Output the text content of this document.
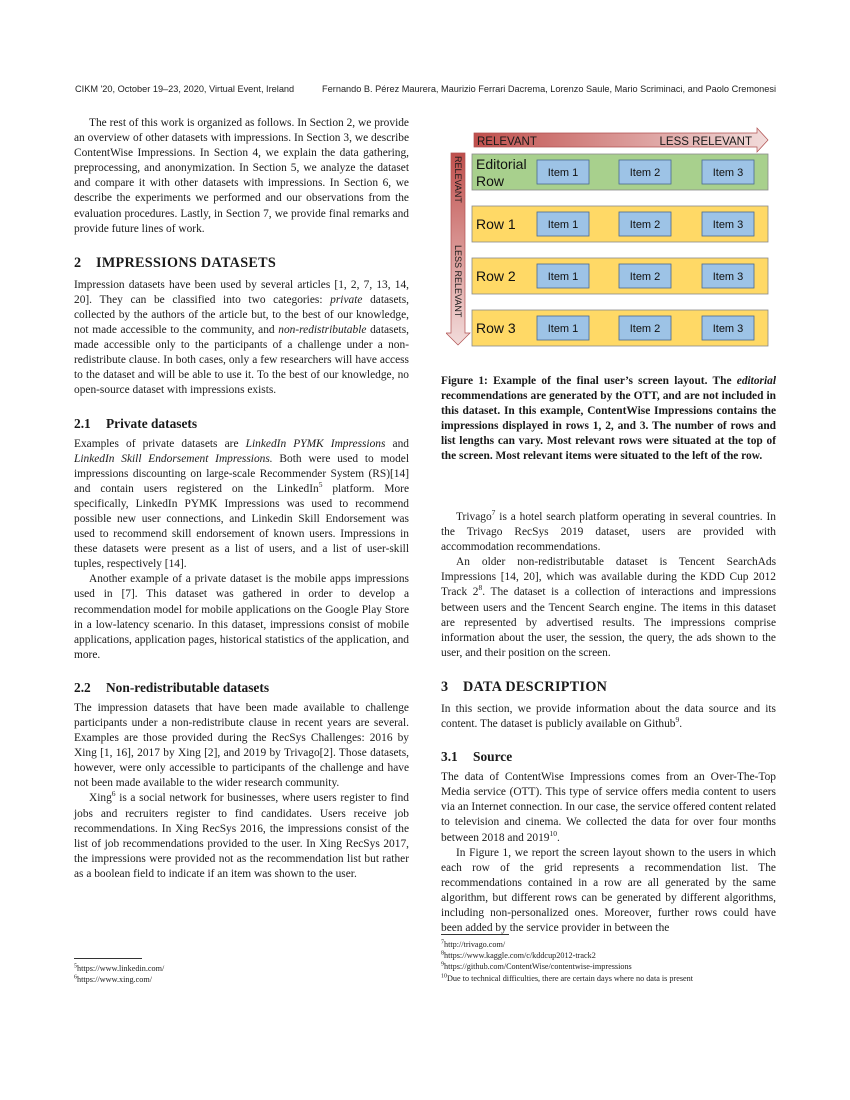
CIKM '20, October 19–23, 2020, Virtual Event, Ireland	Fernando B. Pérez Maurera, Maurizio Ferrari Dacrema, Lorenzo Saule, Mario Scriminaci, and Paolo Cremonesi

The rest of this work is organized as follows. In Section 2, we provide an overview of other datasets with impressions. In Section 3, we describe ContentWise Impressions. In Section 4, we explain the data gathering, preprocessing, and anonymization. In Section 5, we analyze the dataset and compare it with other datasets with impressions. In Section 6, we describe the experiments we performed and our observations from the evaluation procedures. Lastly, in Section 7, we provide final remarks and provide future lines of work.

2 IMPRESSIONS DATASETS

Impression datasets have been used by several articles [1, 2, 7, 13, 14, 20]. They can be classified into two categories: private datasets, collected by the authors of the article but, to the best of our knowledge, not made accessible to the community, and non-redistributable datasets, made accessible only to the participants of a challenge under a non-redistribute clause. In both cases, only a few researchers will have access to the dataset and will be able to use it. To the best of our knowledge, no open-source dataset with impressions exists.

2.1 Private datasets

Examples of private datasets are LinkedIn PYMK Impressions and LinkedIn Skill Endorsement Impressions. Both were used to model impressions discounting on large-scale Recommender System (RS)[14] and contain users registered on the LinkedIn$^5$ platform. More specifically, LinkedIn PYMK Impressions was used to recommend possible new user connections, and Linkedin Skill Endorsement was used to recommend skill endorsement of known users. Impressions in these datasets were present as a list of users, and a list of user-skill tuples, respectively [14].

Another example of a private dataset is the mobile apps impressions used in [7]. This dataset was gathered in order to develop a recommendation model for mobile applications on the Google Play Store in a low-latency scenario. In this dataset, impressions consist of mobile applications, application pages, historical statistics of the application, and more.

2.2 Non-redistributable datasets

The impression datasets that have been made available to challenge participants under a non-redistribute clause in recent years are several. Examples are those provided during the RecSys Challenges: 2016 by Xing [1, 16], 2017 by Xing [2], and 2019 by Trivago[2]. Those datasets, however, were only accessible to participants of the challenge and have not been made available to the wider research community.

Xing$^6$ is a social network for businesses, where users register to find jobs and recruiters register to find candidates. Users receive job recommendations. In Xing RecSys 2016, the impressions consist of the list of job recommendations provided to the user. In Xing RecSys 2017, the impressions were provided not as the recommendation list but rather as a boolean field to indicate if an item was shown to the user.

$^5$https://www.linkedin.com/
$^6$https://www.xing.com/
RELEVANT	LESS RELEVANT
RELEVANT
LESS RELEVANT
Editorial
Row	Item 1	Item 2	Item 3
Row 1	Item 1	Item 2	Item 3
Row 2	Item 1	Item 2	Item 3
Row 3	Item 1	Item 2	Item 3

Figure 1: Example of the final user’s screen layout. The editorial recommendations are generated by the OTT, and are not included in this dataset. In this example, ContentWise Impressions contains the impressions displayed in rows 1, 2, and 3. The number of rows and list lengths can vary. Most relevant rows were situated at the top of the screen. Most relevant items were situated to the left of the row.

Trivago$^7$ is a hotel search platform operating in several countries. In the Trivago RecSys 2019 dataset, users are provided with accommodation recommendations.

An older non-redistributable dataset is Tencent SearchAds Impressions [14, 20], which was available during the KDD Cup 2012 Track $2^8$. The dataset is a collection of interactions and impressions between users and the Tencent Search engine. The items in this dataset are represented by advertised results. The impressions comprise information about the user, the session, the query, the ads shown to the user, and their position on the screen.

3 DATA DESCRIPTION

In this section, we provide information about the data source and its content. The dataset is publicly available on Github$^9$.

3.1 Source

The data of ContentWise Impressions comes from an Over-The-Top Media service (OTT). This type of service offers media content to users via an Internet connection. In our case, the service offered content related to television and cinema. We collected the data for over four months between 2018 and 2019$^{10}$.

In Figure 1, we report the screen layout shown to the users in which each row of the grid represents a recommendation list. The recommendations contained in a row are all generated by the same algorithm, but different rows can be generated by different algorithms, including non-personalized ones. Moreover, further rows could have been added by the service provider in between the

$^7$http://trivago.com/
$^8$https://www.kaggle.com/c/kddcup2012-track2
$^9$https://github.com/ContentWise/contentwise-impressions
$^{10}$Due to technical difficulties, there are certain days where no data is present
